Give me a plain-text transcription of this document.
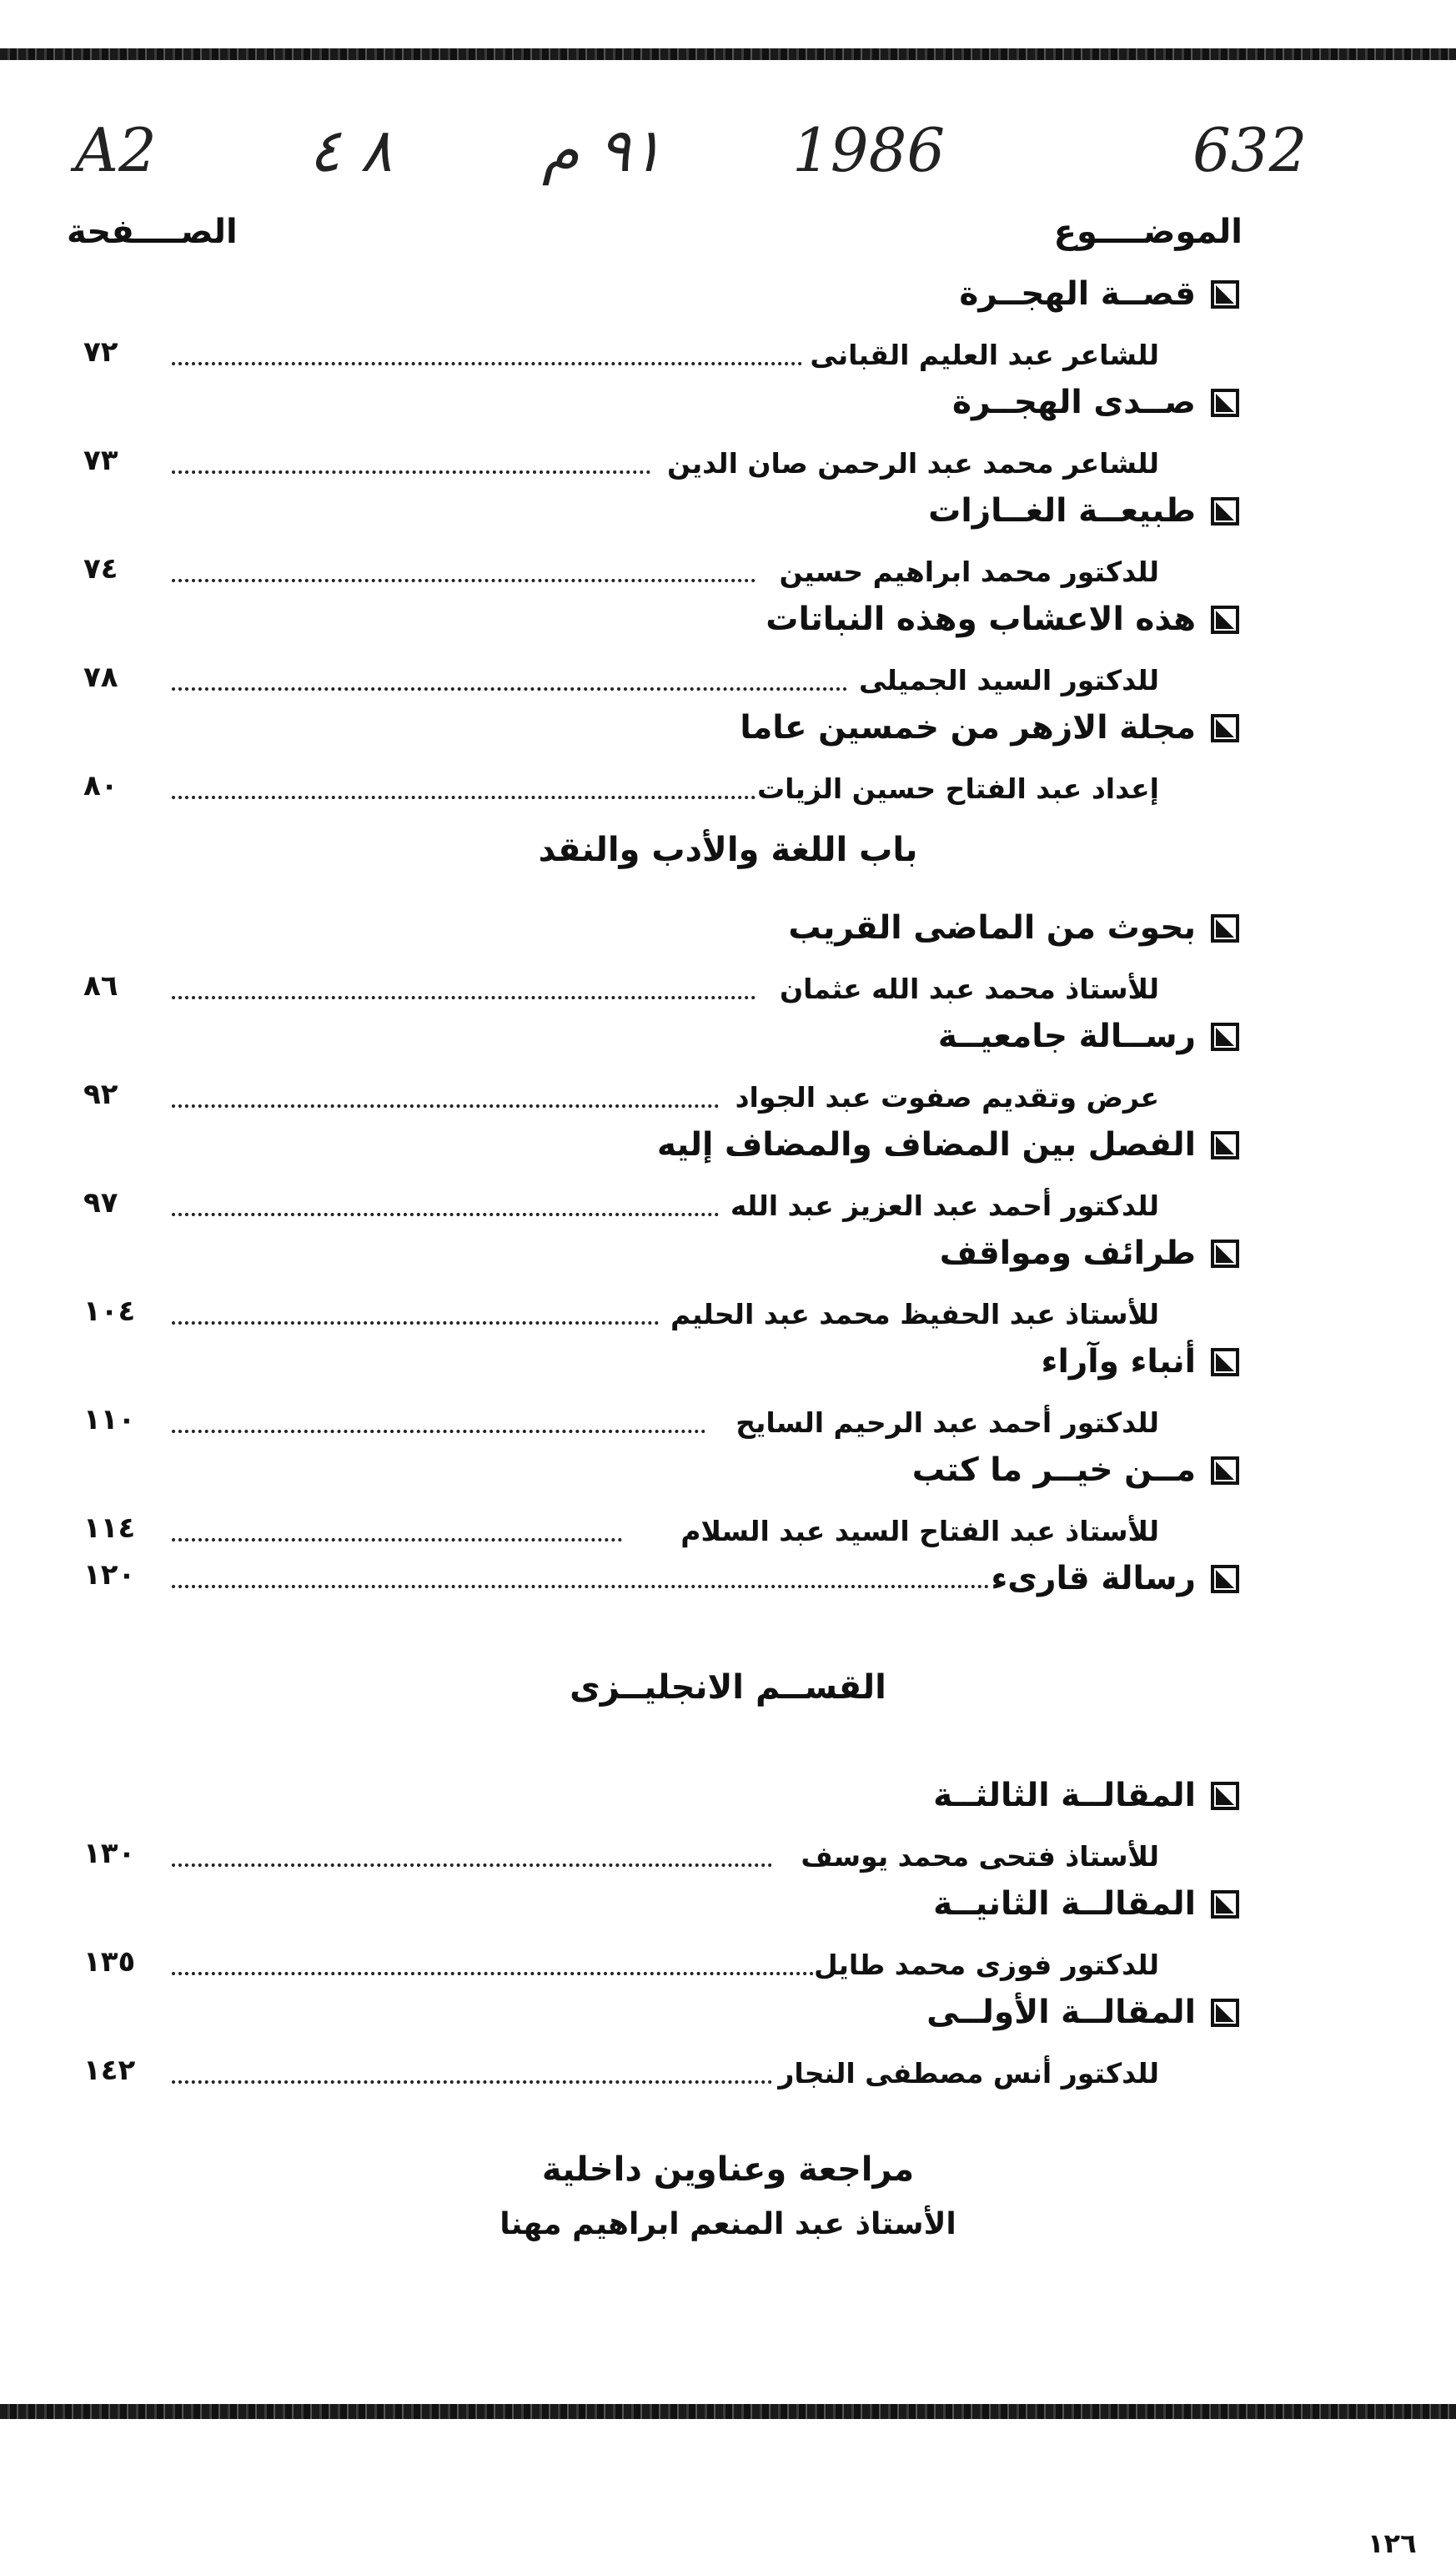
A2	٨ ٤ ٩١ م 1986	632
الموضــــوع
الصــــفحة
قصــة الهجــرة
للشاعر عبد العليم القبانى
٧٢
صــدى الهجــرة
للشاعر محمد عبد الرحمن صان الدين
٧٣
طبيعــة الغــازات
للدكتور محمد ابراهيم حسين
٧٤
هذه الاعشاب وهذه النباتات
للدكتور السيد الجميلى
٧٨
مجلة الازهر من خمسين عاما
إعداد عبد الفتاح حسين الزيات
٨٠
باب اللغة والأدب والنقد
بحوث من الماضى القريب
للأستاذ محمد عبد الله عثمان
٨٦
رســالة جامعيــة
عرض وتقديم صفوت عبد الجواد
٩٢
الفصل بين المضاف والمضاف إليه
للدكتور أحمد عبد العزيز عبد الله
٩٧
طرائف ومواقف
للأستاذ عبد الحفيظ محمد عبد الحليم
١٠٤
أنباء وآراء
للدكتور أحمد عبد الرحيم السايح
١١٠
مــن خيــر ما كتب
للأستاذ عبد الفتاح السيد عبد السلام
١١٤
رسالة قارىء
١٢٠
القســم الانجليــزى
المقالــة الثالثــة
للأستاذ فتحى محمد يوسف
١٣٠
المقالــة الثانيــة
للدكتور فوزى محمد طايل
١٣٥
المقالــة الأولــى
للدكتور أنس مصطفى النجار
١٤٢
مراجعة وعناوين داخلية
الأستاذ عبد المنعم ابراهيم مهنا
١٢٦
